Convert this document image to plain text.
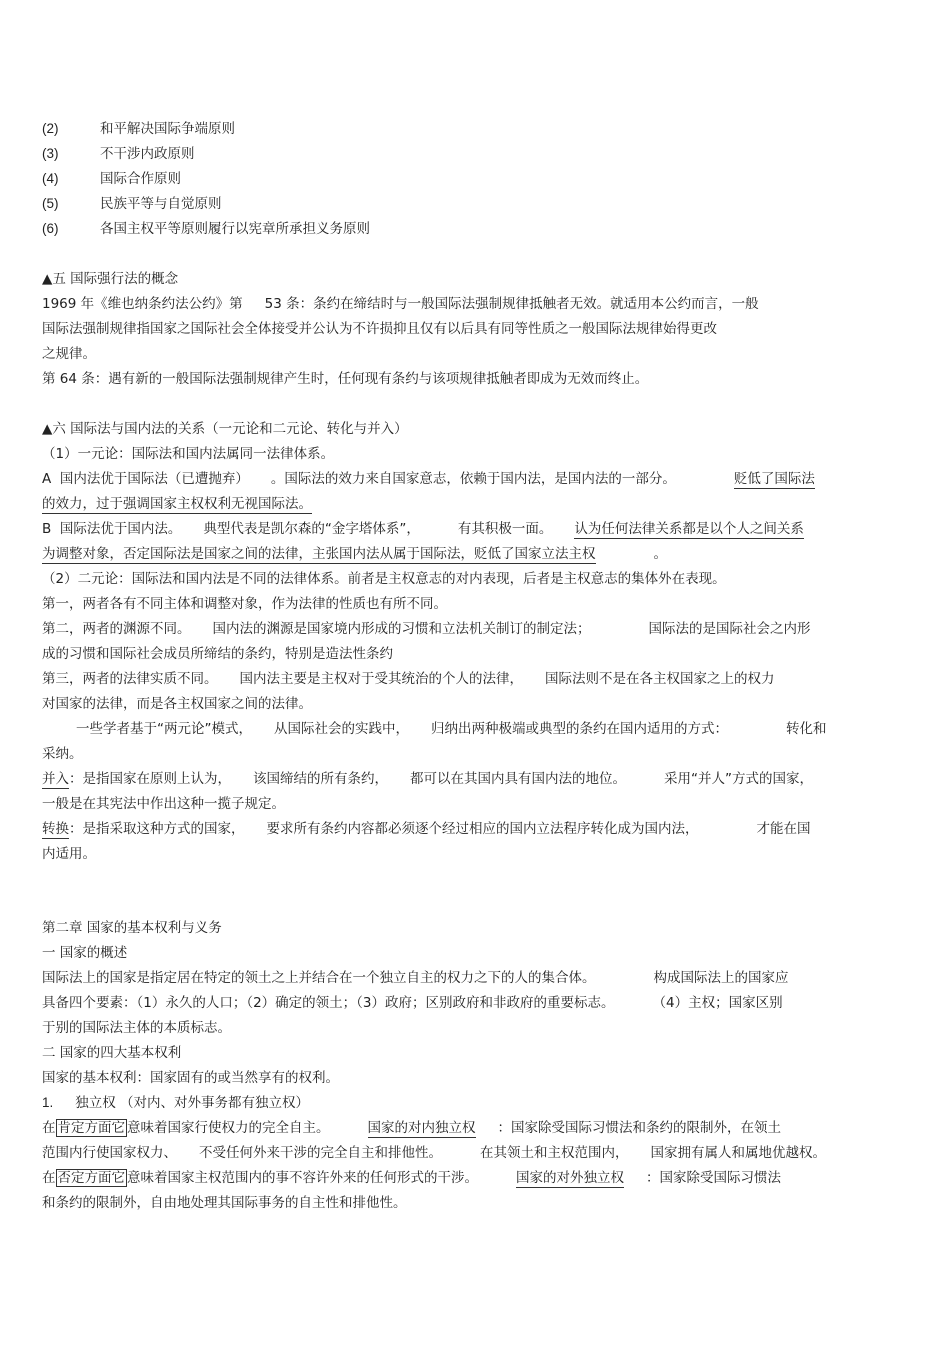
(2)	和平解决国际争端原则
(3)	不干涉内政原则
(4)	国际合作原则
(5)	民族平等与自觉原则
(6)	各国主权平等原则履行以宪章所承担义务原则
▲五 国际强行法的概念
1969 年《维也纳条约法公约》第 53 条：条约在缔结时与一般国际法强制规律抵触者无效。就适用本公约而言，一般
国际法强制规律指国家之国际社会全体接受并公认为不许损抑且仅有以后具有同等性质之一般国际法规律始得更改
之规律。
第 64 条：遇有新的一般国际法强制规律产生时，任何现有条约与该项规律抵触者即成为无效而终止。
▲六 国际法与国内法的关系（一元论和二元论、转化与并入）
（1）一元论：国际法和国内法属同一法律体系。
A  国内法优于国际法（已遭抛弃） 。国际法的效力来自国家意志，依赖于国内法，是国内法的一部分。	贬低了国际法
的效力，过于强调国家主权权利无视国际法。
B  国际法优于国内法。 典型代表是凯尔森的“金字塔体系”，	有其积极一面。 认为任何法律关系都是以个人之间关系
为调整对象，否定国际法是国家之间的法律，主张国内法从属于国际法，贬低了国家立法主权	。
（2）二元论：国际法和国内法是不同的法律体系。前者是主权意志的对内表现，后者是主权意志的集体外在表现。
第一，两者各有不同主体和调整对象，作为法律的性质也有所不同。
第二，两者的渊源不同。 国内法的渊源是国家境内形成的习惯和立法机关制订的制定法；	国际法的是国际社会之内形
成的习惯和国际社会成员所缔结的条约，特别是造法性条约
第三，两者的法律实质不同。 国内法主要是主权对于受其统治的个人的法律， 国际法则不是在各主权国家之上的权力
对国家的法律，而是各主权国家之间的法律。
一些学者基于“两元论”模式， 从国际社会的实践中， 归纳出两种极端或典型的条约在国内适用的方式：	转化和
采纳。
并入：是指国家在原则上认为， 该国缔结的所有条约， 都可以在其国内具有国内法的地位。	采用“并人”方式的国家，
一般是在其宪法中作出这种一揽子规定。
转换：是指采取这种方式的国家， 要求所有条约内容都必须逐个经过相应的国内立法程序转化成为国内法，	才能在国
内适用。
第二章 国家的基本权利与义务
一 国家的概述
国际法上的国家是指定居在特定的领土之上并结合在一个独立自主的权力之下的人的集合体。	构成国际法上的国家应
具备四个要素：（1）永久的人口；（2）确定的领土；（3）政府；区别政府和非政府的重要标志。	（4）主权；国家区别
于别的国际法主体的本质标志。
二 国家的四大基本权利
国家的基本权利：国家固有的或当然享有的权利。
1. 独立权 （对内、对外事务都有独立权）
在 肯定方面它 意味着国家行使权力的完全自主。	国家的对内独立权 ：国家除受国际习惯法和条约的限制外，在领土
范围内行使国家权力、 不受任何外来干涉的完全自主和排他性。	在其领土和主权范围内， 国家拥有属人和属地优越权。
在 否定方面它 意味着国家主权范围内的事不容许外来的任何形式的干涉。	国家的对外独立权 ：国家除受国际习惯法
和条约的限制外，自由地处理其国际事务的自主性和排他性。
